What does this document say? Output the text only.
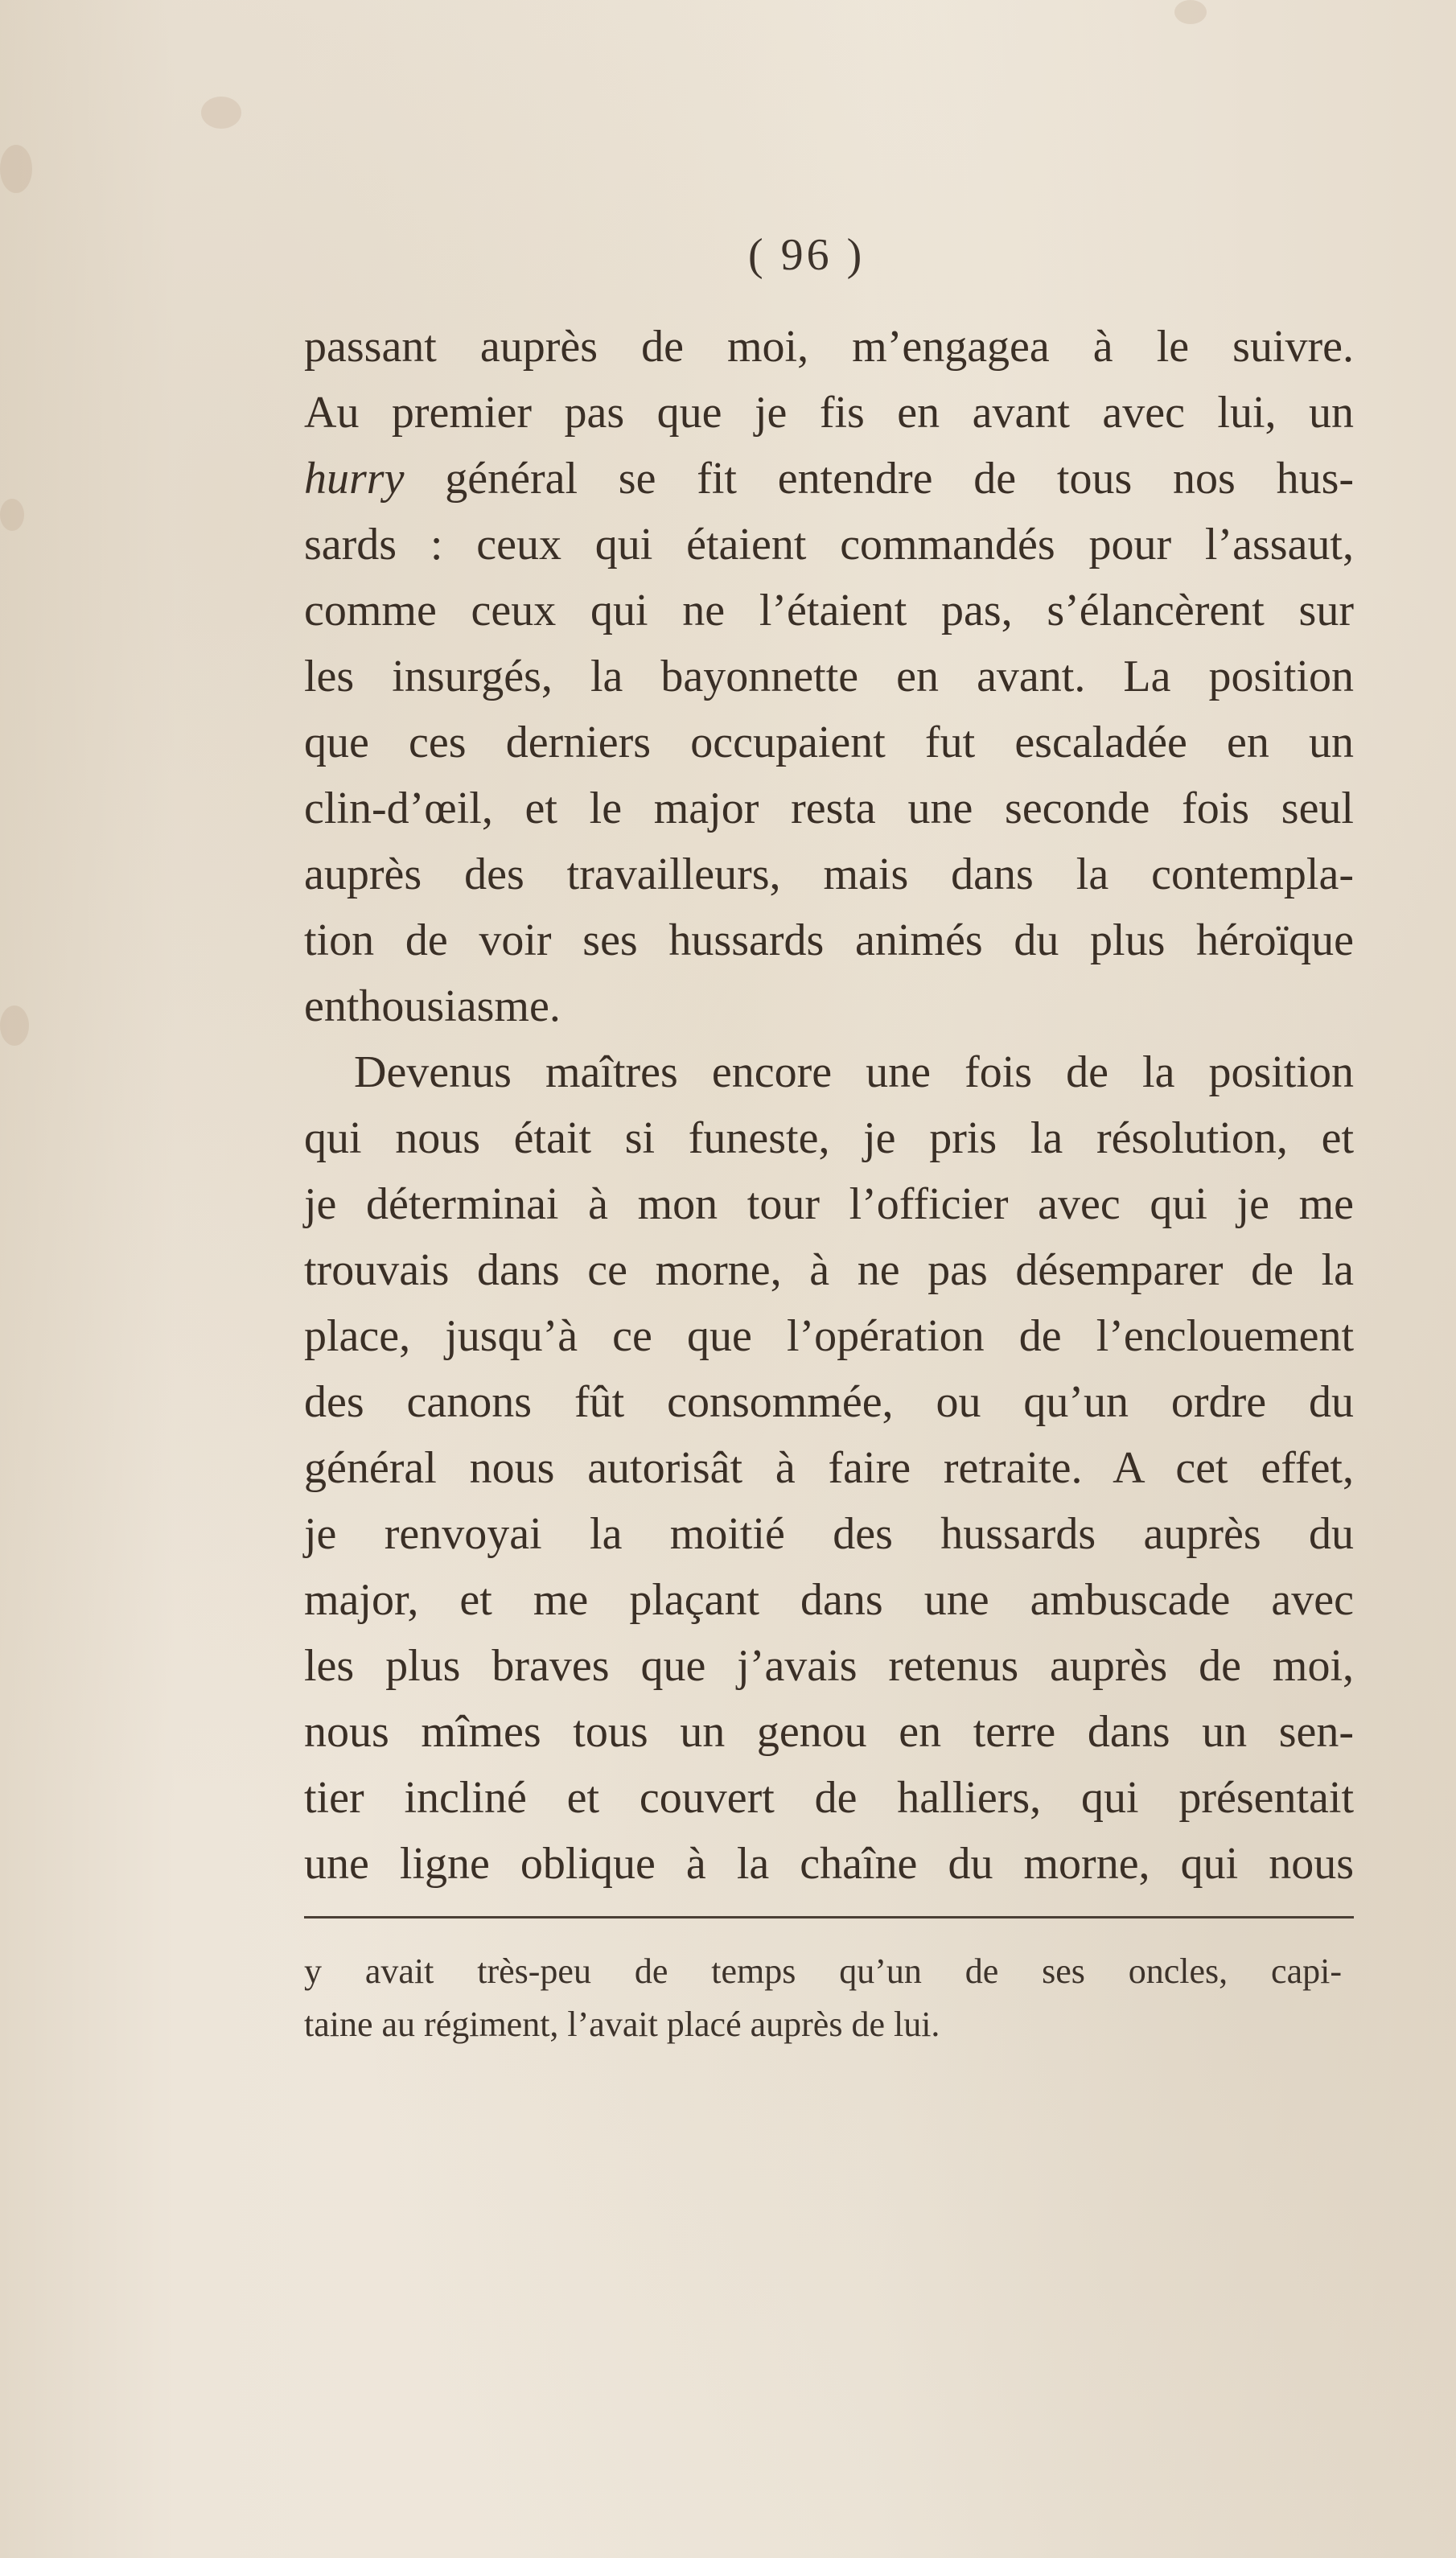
( 96 )
passant auprès de moi, m’engagea à le suivre.
Au premier pas que je fis en avant avec lui, un
hurry général se fit entendre de tous nos hus-
sards : ceux qui étaient commandés pour l’assaut,
comme ceux qui ne l’étaient pas, s’élancèrent sur
les insurgés, la bayonnette en avant. La position
que ces derniers occupaient fut escaladée en un
clin-d’œil, et le major resta une seconde fois seul
auprès des travailleurs, mais dans la contempla-
tion de voir ses hussards animés du plus héroïque
enthousiasme.
Devenus maîtres encore une fois de la position
qui nous était si funeste, je pris la résolution, et
je déterminai à mon tour l’officier avec qui je me
trouvais dans ce morne, à ne pas désemparer de la
place, jusqu’à ce que l’opération de l’enclouement
des canons fût consommée, ou qu’un ordre du
général nous autorisât à faire retraite. A cet effet,
je renvoyai la moitié des hussards auprès du
major, et me plaçant dans une ambuscade avec
les plus braves que j’avais retenus auprès de moi,
nous mîmes tous un genou en terre dans un sen-
tier incliné et couvert de halliers, qui présentait
une ligne oblique à la chaîne du morne, qui nous
y avait très-peu de temps qu’un de ses oncles, capi-
taine au régiment, l’avait placé auprès de lui.
